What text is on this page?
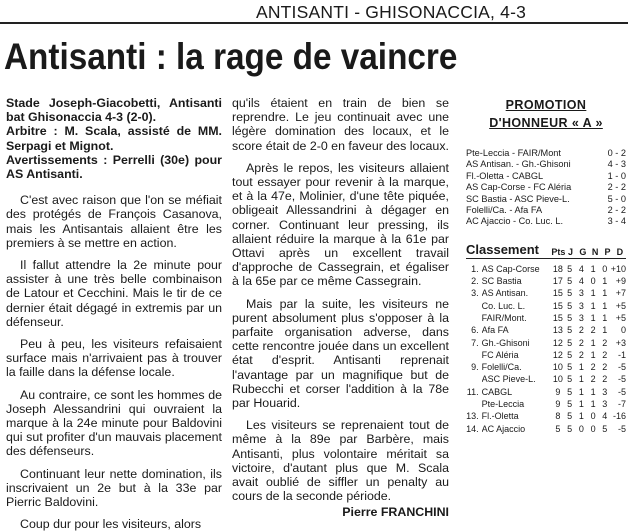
ANTISANTI - GHISONACCIA, 4-3
Antisanti : la rage de vaincre

Stade Joseph-Giacobetti, Antisanti bat Ghisonaccia 4-3 (2-0).

Arbitre : M. Scala, assisté de MM. Serpagi et Mignot.

Avertissements : Perrelli (30e) pour AS Antisanti.

C'est avec raison que l'on se méfiait des protégés de François Casanova, mais les Antisantais allaient être les premiers à se mettre en action.

Il fallut attendre la 2e minute pour assister à une très belle combinaison de Latour et Cecchini. Mais le tir de ce dernier était dégagé in extremis par un défenseur.

Peu à peu, les visiteurs refaisaient surface mais n'arrivaient pas à trouver la faille dans la défense locale.

Au contraire, ce sont les hommes de Joseph Alessandrini qui ouvraient la marque à la 24e minute pour Baldovini qui sut profiter d'un mauvais placement des défenseurs.

Continuant leur nette domination, ils inscrivaient un 2e but à la 33e par Pierric Baldovini.

Coup dur pour les visiteurs, alors

qu'ils étaient en train de bien se reprendre. Le jeu continuait avec une légère domination des locaux, et le score était de 2-0 en faveur des locaux.

Après le repos, les visiteurs allaient tout essayer pour revenir à la marque, et à la 47e, Molinier, d'une tête piquée, obligeait Allessandrini à dégager en corner. Continuant leur pressing, ils allaient réduire la marque à la 61e par Ottavi après un excellent travail d'approche de Cassegrain, et égaliser à la 65e par ce même Cassegrain.

Mais par la suite, les visiteurs ne purent absolument plus s'opposer à la parfaite organisation adverse, dans cette rencontre jouée dans un excellent état d'esprit. Antisanti reprenait l'avantage par un magnifique but de Rubecchi et corser l'addition à la 78e par Houarid.

Les visiteurs se reprenaient tout de même à la 89e par Barbère, mais Antisanti, plus volontaire méritait sa victoire, d'autant plus que M. Scala avait oublié de siffler un penalty au cours de la seconde période.

Pierre FRANCHINI

PROMOTION
D'HONNEUR « A »
Pte-Leccia - FAIR/Mont	0 - 2
AS Antisan. - Gh.-Ghisoni	4 - 3
Fl.-Oletta - CABGL	1 - 0
AS Cap-Corse - FC Aléria	2 - 2
SC Bastia - ASC Pieve-L.	5 - 0
Folelli/Ca. - Afa FA	2 - 2
AC Ajaccio - Co. Luc. L.	3 - 4
Classement	Pts J G N P D
1. AS Cap-Corse	18 5 4 1 0 +10
2. SC Bastia	17 5 4 0 1 +9
3. AS Antisan.	15 5 3 1 1 +7
Co. Luc. L.	15 5 3 1 1 +5
FAIR/Mont.	15 5 3 1 1 +5
6. Afa FA	13 5 2 2 1	0
7. Gh.-Ghisoni	12 5 2 1 2 +3
FC Aléria	12 5 2 1 2	-1
9. Folelli/Ca.	10 5 1 2 2	-5
ASC Pieve-L.	10 5 1 2 2	-5
11. CABGL	9 5 1 1 3	-5
Pte-Leccia	9 5 1 1 3	-7
13. Fl.-Oletta	8 5 1 0 4 -16
14. AC Ajaccio	5 5 0 0 5	-5
